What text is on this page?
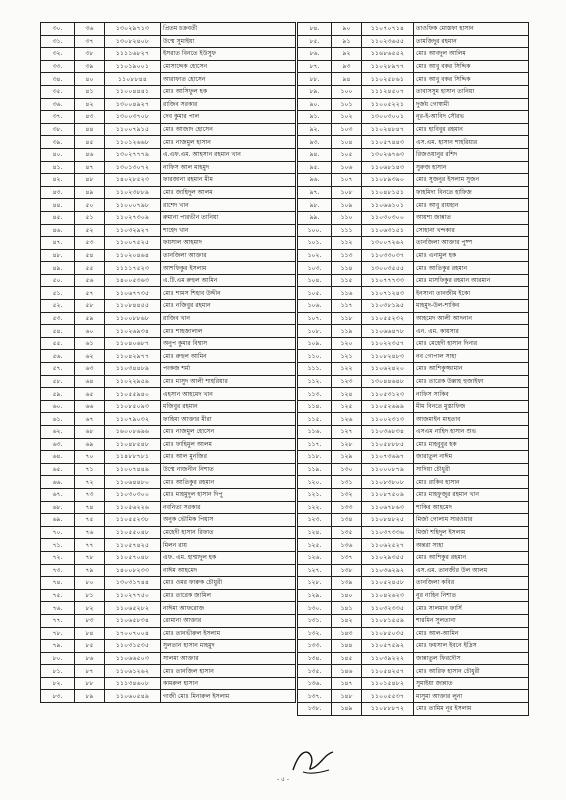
৩০.	৩৬	১৩০২৯৭১৩	প্রিতম চক্রবর্তী
৩১.	৩৭	১৩০৮২৪০৮	উম্মে সুমাইয়া
৩২.	৩৮	১১১১৬৮২৭	ইসরাত বিনতে ইউসুফ
৩৩.	৩৯	১১০১৯০০১	মোসাদ্দেক হোসেন
৩৪.	৪০	১১০৮৮৪৪	আরাফাত হোসেন
৩৫.	৪১	১১০০৪৪৪১	মোঃ আসিফুল হক
৩৬.	৪২	১৩০০৪৯২৭	রাজিব সরকার
৩৭.	৪৩	১৩০০৩৭০৮	দেব কুমার পাল
৩৮.	৪৪	১১০০৭৯১৫	মোঃ আজাদ হোসেন
৩৯.	৪৫	১১০১২৬৬৮	মোঃ নাজমুল হাসান
৪০.	৪৬	১৩০২৭৭৭৯	এ.এফ.এম. আহসান রহমান খান
৪১.	৪৭	১৩০১৩০৭২	নাফিস আল মাহমুদ
৪২.	৪৮	১৪০২৮৫২৩	ফারজানা রহমান মীম
৪৩.	৪৯	১১০২৩৮৮৯	মোঃ জাহিদুল আলম
৪৪.	৫০	১১০০০৭৯৮	রাশেদ খান
৪৫.	৫১	১১০২৭৩০৯	রুমানা পারভীন তানিয়া
৪৬.	৫২	১১০৩২৯২৭	শাহেদ খান
৪৭.	৫৩	১১০০৭৫২৫	ফয়সাল আহমাদ
৪৮.	৫৪	১১০২০৪৬৪	তানজিলা আক্তার
৪৯.	৫৫	১১১১৭৫২৩	আশফিকুর ইসলাম
৫০.	৫৬	১৪০০৫৩৬৩	এ.টি.এম রুহুল আমিন
৫১.	৫৭	১১০৬৭৭৩৫	মোঃ শামস শিহাব উদ্দীন
৫২.	৫৮	১১০৮৪৪৫৫	মোঃ নজিবুর রহমান
৫৩.	৫৯	১১০০৮৮৬৮	রাজিব খান
৫৪.	৬০	১১০২৬৯৩৪	মোঃ শাহজালাল
৫৫.	৬১	১১০৪০৬৮৭	অনুপ কুমার বিশ্বাস
৫৬.	৬২	১১০৪২৯৭৭	মোঃ রুহুল আমিন
৫৭.	৬৩	১১০৩৪৪৮৯	পংকজ শর্মা
৫৮.	৬৪	১১০২২৯৫৯	মোঃ মাসুদ আলী শাহরিয়ার
৫৯.	৬৫	১১০৫৫৯৪০	এহসান আহমেদ খান
৬০.	৬৬	১১০৮৫০৯৩	মজিবুর রহমান
৬১.	৬৭	১১০৭৯০৩২	ফাহিমা আক্তার মীরা
৬২.	৬৮	১৬০০৮৬৯৬	মোঃ নাজমুল হোসেন
৬৩.	৬৯	১১০৪৮৫৪৮	মোঃ ফাহিমুল আলম
৬৪.	৭০	১১৪৮৮৭৮১	মোঃ আল মুনজির
৬৫.	৭১	১১০০৭৪৪৯	উম্মে নাজনীন নিশাত
৬৬.	৭২	১১০৬৪৪৮০	মোঃ আতিকুর রহমান
৬৭.	৭৩	১১০৩০৩০০	মোঃ মাহমুদুল হাসান দিপু
৬৮.	৭৪	১১০৫৬২২৬	নবনিতা সরকার
৬৯.	৭৫	১১০৫৫২৩৮	অনুক ভৌমিক পিয়াস
৭০.	৭৬	১১০৫৫০৪৮	মেহেদী হাসান রিফাত
৭১.	৭৭	১১০৫৭৪২৫	মিলন রায়
৭২.	৭৮	১১০৫৭০৪৮	এফ. এম. হাম্মাদুল হক
৭৩.	৭৯	১৪০০৮২৩৩	নাঈম আহমেদ
৭৪.	৮০	১৩০৩১৭৪৪	মোঃ ওমর ফারুক চৌধুরী
৭৫.	৮১	১১০২৭৭৫০	মোঃ তারেক জামিল
৭৬.	৮২	১১০৬৫২৮২	নাঈমা আফরোজ
৭৭.	৮৩	১১০৬৫৮৩৪	রোমানা আক্তার
৭৮.	৮৪	১৭০০৭০০৪	মোঃ তানভীরুল ইসলাম
৭৯.	৮৫	১১০৩১৫৩৫	সুলতান হাসান মাহমুদ
৮০.	৮৬	১১০৬৬৫০৩	সালমা আক্তার
৮১.	৮৭	১১০৬১২৬২	মোঃ তানজিল হাসান
৮২.	৮৮	১১১৩৪৬০৮	কামরুল হাসান
৮৩.	৮৯	১১০৬০৫৪৯	গাজী মোঃ মিনারুল ইসলাম
৮৪.	৯০	১১০৭০৭১৪	তাওফিক মোস্তফা হাসান
৮৫.	৯১	১১০২৩৬৫৫	তামজিদুর রহমান
৮৬.	৯২	১১৬৮৬৫৫২	মোঃ আবদুল আলিম
৮৭.	৯৩	১১০২৮৯৭৭	মোঃ আবু বকর সিদ্দিক
৮৮.	৯৪	১১০২৫৮৬১	মোঃ আবু বকর সিদ্দিক
৮৯.	১০০	১১১২৪৫০৭	তাবাসসুম হাসান তানিয়া
৯০.	১০১	১১০০৫২২১	দুর্জয় গোস্বামী
৯১.	১০২	১৩০০৩০০১	নূর-ই-আবিদ সৌরভ
৯২.	১০৩	১১০২৪৮৪৭	মোঃ হাবিবুর রহমান
৯৩.	১০৪	১১০৫৭৪৪৩	এস.এম. হাসান শাহরিয়ার
৯৪.	১০৫	১৩০২৬৭৬৩	রিজওয়ানুর রশিদ
৯৫.	১০৬	১১০৬৮১৪৩	সুরুজ হাসান
৯৬.	১০৭	১১০৮৯৩৯০	মোঃ সুজনুর ইসলাম সুজন
৯৭.	১০৮	১১০৪৮১৫১	ফাহমিদা বিনতে হাফিজ
৯৮.	১০৯	১১০৬৬১০১	মোঃ আবু রায়হান
৯৯.	১১০	১১০৩০৩০০	আয়শা জান্নাত
১০০.	১১১	১১০৬৩১৫১	সোহানা খন্দকার
১০১.	১১২	১৩০০৭২৬২	তানজিলা আক্তার পুষ্প
১০২.	১১৩	১১০৩৩০৩৭	মোঃ এনামুল হক
১০৩.	১১৪	১৩০০৩৫৫৫	মোঃ আতিকুর রহমান
১০৪.	১১৫	১১০৭৭৭৩৩	মোঃ মাসফিকুর রহমান আরমান
১০৫.	১১৬	১১০৭১২৪৩	ইনসানা তানজীম ইকো
১০৬.	১১৭	১১০৩৮১৯৫	মাহমুদ-উল-শাকিব
১০৭.	১১৮	১১০৫৫২৩২	আহমেদ আলী আদনান
১০৮.	১১৯	১১০৬৬৪৭৮	এন. এম. কায়সার
১০৯.	১২০	১১০২২৩৫৭	মোঃ মেহেদী হাসান দিনার
১১০.	১২১	১১০৮২৪৮৩	নব গোপাল সাহা
১১১.	১২২	১১০৬২৪২০	মোঃ আশিকুজ্জামান
১১২.	১২৩	১৩০৪৪৬৪৮	মোঃ তারেক উল্লাহ হুজাইফা
১১৩.	১২৪	১১০৫৩১২৩	নাফিস সাকিব
১১৪.	১২৫	১১০৫২৬৯৯	মীম বিনতে মুস্তাফিজ
১১৫.	১২৬	১১০০২৩১৩	আজমাইন মাহতাব
১১৬.	১২৭	১১০৩৬৮৩৪	এসএম নাহিদ হাসান শুভ
১১৭.	১২৮	১১০৫৮৮৮৫	মোঃ মাহবুবুর হক
১১৮.	১২৯	১১০৭৩৬৯৭	জারাতুল নাঈম
১১৯.	১৩০	১১০০০৮৭৯	সাদিয়া চৌধুরী
১২০.	১৩১	১১০৮৩৮০৮	মোঃ রাকিব হাসান
১২১.	১৩২	১১০৮৭৫০৯	মোঃ মাহফুজুর রহমান খান
১২২.	১৩৩	১১০৬৭৮৬৩	শাকির আহমেদ
১২৩.	১৩৪	১১০৮৪৮২৫	মির্জা গোলাম সারওয়ার
১২৪.	১৩৫	১১০৩৭৩৩৬	মির্জা শহিদুল ইসলাম
১২৫.	১৩৬	১১০৬২৫২৭	অন্তরা সাহা
১২৬.	১৩৭	১১০২৯৩৫৫	মোঃ আশিকুর রহমান
১২৭.	১৩৮	১১০৩৬২৯২	এস.এম. তানজীর উল আলম
১২৮.	১৩৯	১১০৫২৪৫৮	তানজিলা কবির
১২৯.	১৪০	১১০৪২৬২৩	নুর নাহিন নিশাত
১৩০.	১৪১	১১০৩২৩৩৫	মোঃ সালমান ফার্সি
১৩১.	১৪২	১১০৮১৫৫৯	শারমিন সুলতানা
১৩২.	১৪৩	১১০৮৫০৩৫	মোঃ আল-আমিন
১৩৩.	১৪৪	১১০৫৭৫৯২	মোঃ ফয়সাল ইবনে ইদ্রিস
১৩৪.	১৪৫	১১০৩৯২২২	জান্নাতুল ফিরদৌস
১৩৫.	১৪৬	১১০৫৪২৫৭	মোঃ আরিফ হাসান চৌধুরী
১৩৬.	১৪৭	১১০১৫৪৮২	সুমাইয়া জান্নাত
১৩৭.	১৪৮	১১০০৫৫৩৭	মাসুমা আক্তার লুনা
১৩৮.	১৪৯	১১০৮৮৮৭২	মোঃ তামিম নূর ইসলাম
- ৫ -
